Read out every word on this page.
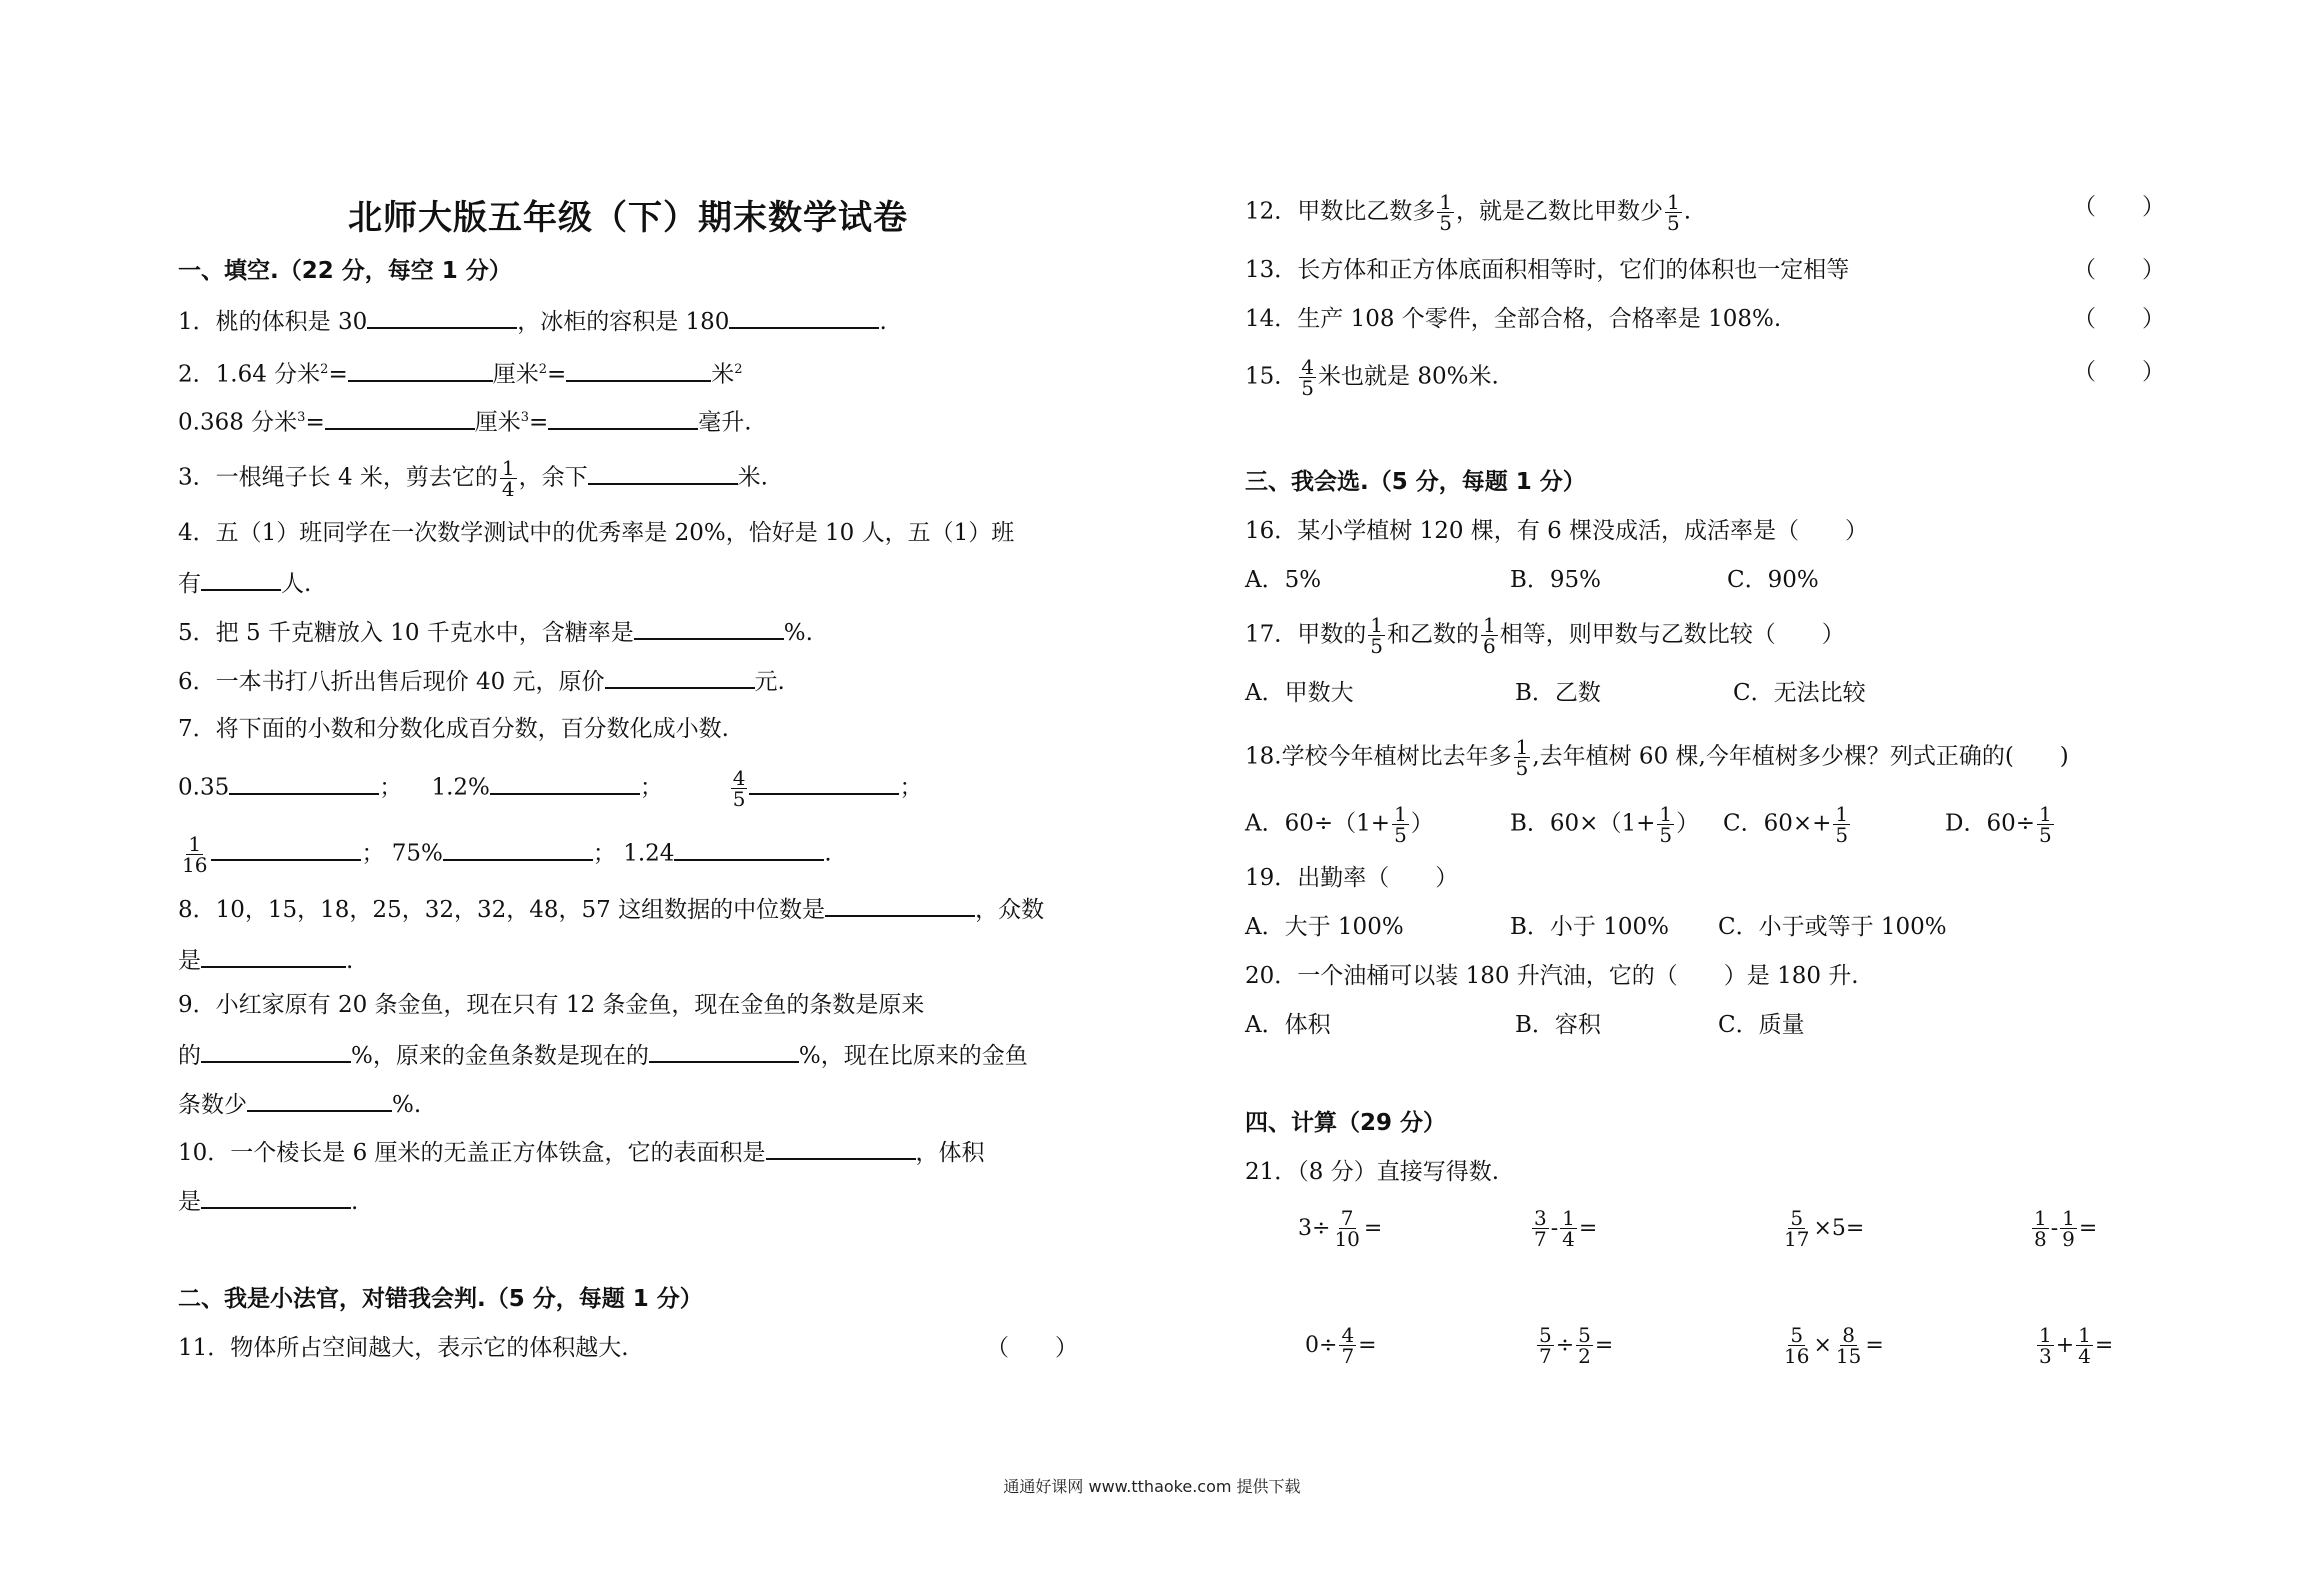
北师大版五年级（下）期末数学试卷
一、填空.（22 分，每空 1 分）
1．桃的体积是 30	，冰柜的容积是 180	.
2．1.64 分米$^2$=	厘米$^2$=	米$^2$
0.368 分米$^3$=	厘米$^3$=	毫升.
3．一根绳子长 4 米，剪去它的 $\frac{1}{4}$ ，余下	米.
4．五（1）班同学在一次数学测试中的优秀率是 20%，恰好是 10 人，五（1）班
有	人.
5．把 5 千克糖放入 10 千克水中，含糖率是	%.
6．一本书打八折出售后现价 40 元，原价	元.
7．将下面的小数和分数化成百分数，百分数化成小数.
0.35	； 1.2%	；	$\frac{4}{5}$	；
$\frac{1}{16}$	； 75%	； 1.24	.
8．10，15，18，25，32，32，48，57 这组数据的中位数是	，众数
是	.
9．小红家原有 20 条金鱼，现在只有 12 条金鱼，现在金鱼的条数是原来
的	%，原来的金鱼条数是现在的	%，现在比原来的金鱼
条数少	%.
10．一个棱长是 6 厘米的无盖正方体铁盒，它的表面积是	，体积
是	.
二、我是小法官，对错我会判.（5 分，每题 1 分）
11．物体所占空间越大，表示它的体积越大.	（　　）
12．甲数比乙数多 $\frac{1}{5}$ ，就是乙数比甲数少 $\frac{1}{5}$ .	（　　）
13．长方体和正方体底面积相等时，它们的体积也一定相等	（　　）
14．生产 108 个零件，全部合格，合格率是 108%.	（　　）
15． $\frac{4}{5}$ 米也就是 80%米.	（　　）
三、我会选.（5 分，每题 1 分）
16．某小学植树 120 棵，有 6 棵没成活，成活率是（　　）
A．5%	B．95%	C．90%
17．甲数的 $\frac{1}{5}$ 和乙数的 $\frac{1}{6}$ 相等，则甲数与乙数比较（　　）
A．甲数大	B．乙数	C．无法比较
18.学校今年植树比去年多 $\frac{1}{5}$ ,去年植树 60 棵,今年植树多少棵？列式正确的(　　)
A．$60\div(1+ \frac{1}{5}$ ）	B．$60\times(1+ \frac{1}{5}$ ） C．$60\times+ \frac{1}{5}$	D．$60\div \frac{1}{5}$
19．出勤率（　　）
A．大于 100%	B．小于 100% C．小于或等于 100%
20．一个油桶可以装 180 升汽油，它的（　　）是 180 升.
A．体积	B．容积	C．质量
四、计算（29 分）
21．（8 分）直接写得数.
$3\div \frac{7}{10}$ =	$\frac{3}{7} - \frac{1}{4}$ =	$\frac{5}{17} \times 5=$	$\frac{1}{8} - \frac{1}{9}$ =
$0\div \frac{4}{7}$ =	$\frac{5}{7} \div \frac{5}{2}$ =	$\frac{5}{16} \times \frac{8}{15}$ =	$\frac{1}{3} + \frac{1}{4}$ =
通通好课网 www.tthaoke.com 提供下载
